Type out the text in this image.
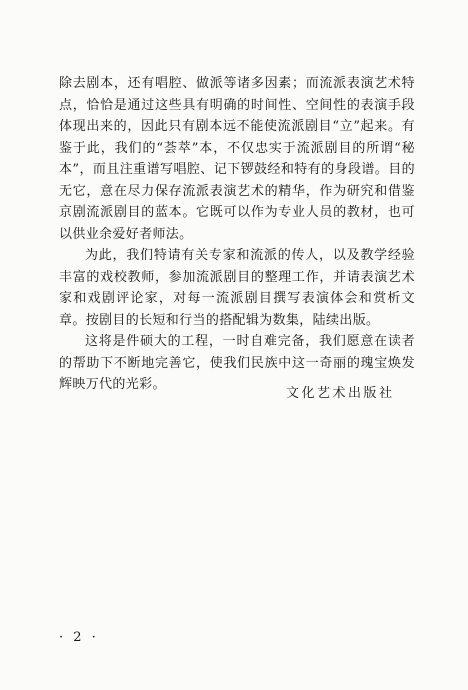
除去剧本，还有唱腔、做派等诸多因素；而流派表演艺术特点，恰恰是通过这些具有明确的时间性、空间性的表演手段体现出来的，因此只有剧本远不能使流派剧目“立”起来。有鉴于此，我们的“荟萃”本，不仅忠实于流派剧目的所谓“秘本”，而且注重谱写唱腔、记下锣鼓经和特有的身段谱。目的无它，意在尽力保存流派表演艺术的精华，作为研究和借鉴京剧流派剧目的蓝本。它既可以作为专业人员的教材，也可以供业余爱好者师法。

为此，我们特请有关专家和流派的传人，以及教学经验丰富的戏校教师，参加流派剧目的整理工作，并请表演艺术家和戏剧评论家，对每一流派剧目撰写表演体会和赏析文章。按剧目的长短和行当的搭配辑为数集，陆续出版。

这将是件硕大的工程，一时自难完备，我们愿意在读者的帮助下不断地完善它，使我们民族中这一奇丽的瑰宝焕发辉映万代的光彩。

文化艺术出版社
· 2 ·
